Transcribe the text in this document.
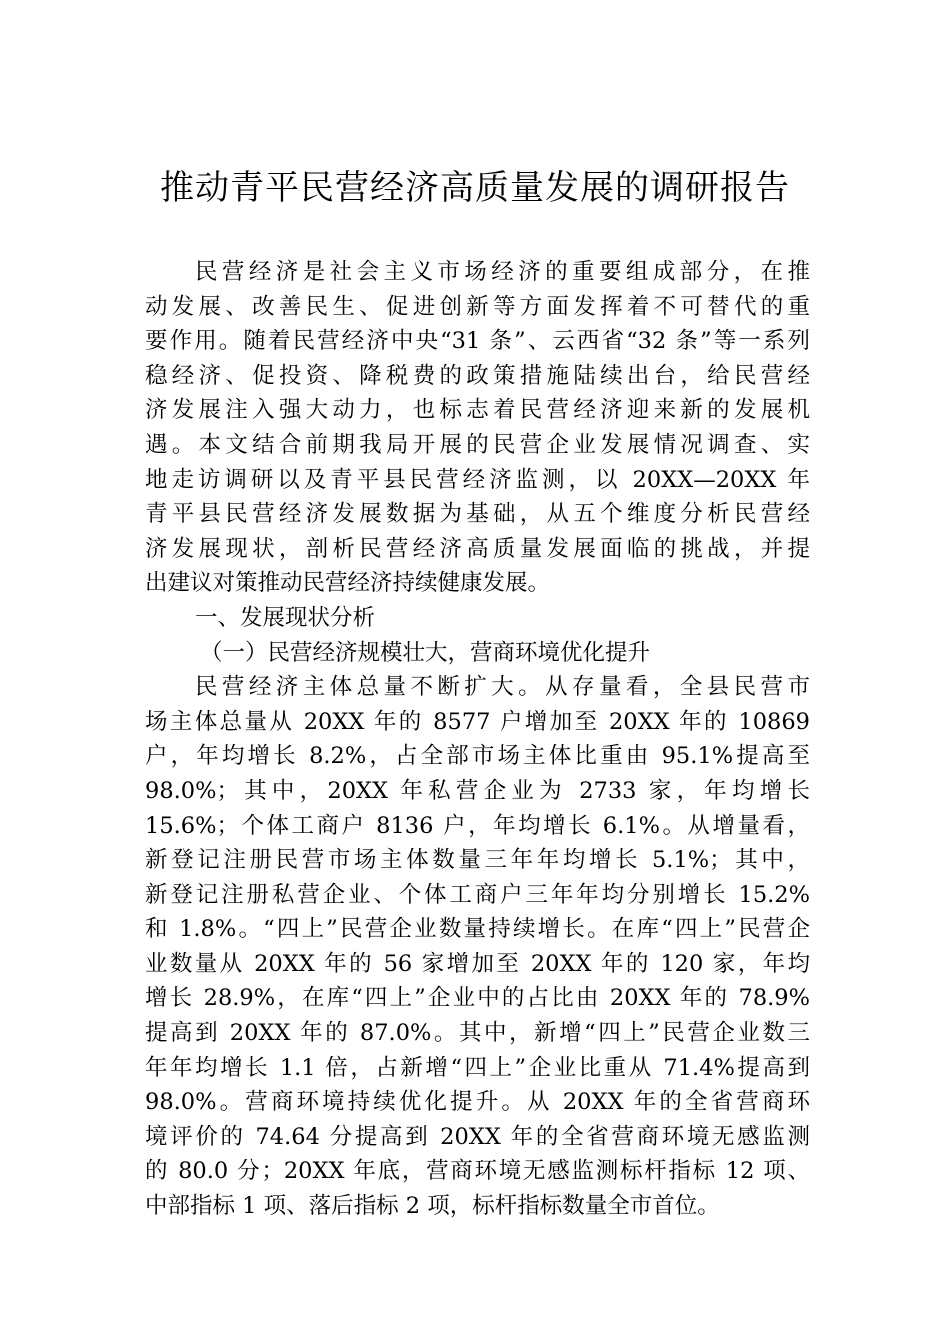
推动青平民营经济高质量发展的调研报告
民营经济是社会主义市场经济的重要组成部分，在推
动发展、改善民生、促进创新等方面发挥着不可替代的重
要作用。随着民营经济中央“31 条”、云西省“32 条”等一系列
稳经济、促投资、降税费的政策措施陆续出台，给民营经
济发展注入强大动力，也标志着民营经济迎来新的发展机
遇。本文结合前期我局开展的民营企业发展情况调查、实
地走访调研以及青平县民营经济监测，以 20XX—20XX 年
青平县民营经济发展数据为基础，从五个维度分析民营经
济发展现状，剖析民营经济高质量发展面临的挑战，并提
出建议对策推动民营经济持续健康发展。
一、发展现状分析
（一）民营经济规模壮大，营商环境优化提升
民营经济主体总量不断扩大。从存量看，全县民营市
场主体总量从 20XX 年的 8577 户增加至 20XX 年的 10869
户，年均增长 8.2%，占全部市场主体比重由 95.1%提高至
98.0%；其中，20XX 年私营企业为 2733 家，年均增长
15.6%；个体工商户 8136 户，年均增长 6.1%。从增量看，
新登记注册民营市场主体数量三年年均增长 5.1%；其中，
新登记注册私营企业、个体工商户三年年均分别增长 15.2%
和 1.8%。“四上”民营企业数量持续增长。在库“四上”民营企
业数量从 20XX 年的 56 家增加至 20XX 年的 120 家，年均
增长 28.9%，在库“四上”企业中的占比由 20XX 年的 78.9%
提高到 20XX 年的 87.0%。其中，新增“四上”民营企业数三
年年均增长 1.1 倍，占新增“四上”企业比重从 71.4%提高到
98.0%。营商环境持续优化提升。从 20XX 年的全省营商环
境评价的 74.64 分提高到 20XX 年的全省营商环境无感监测
的 80.0 分；20XX 年底，营商环境无感监测标杆指标 12 项、
中部指标 1 项、落后指标 2 项，标杆指标数量全市首位。
